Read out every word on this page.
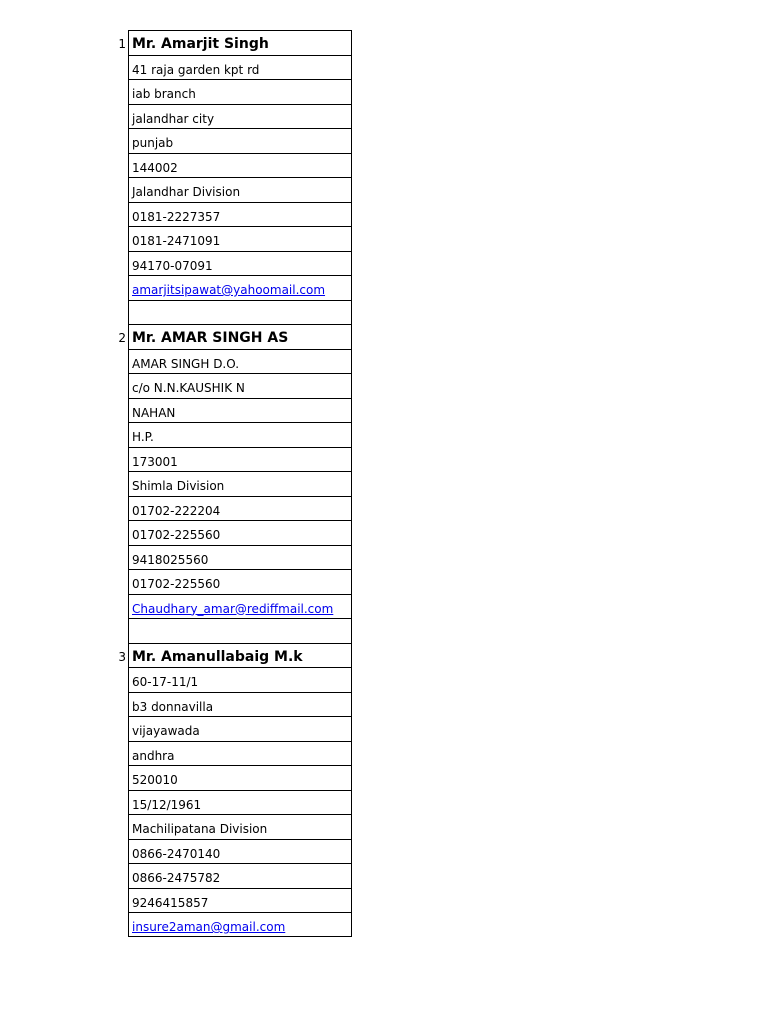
1 Mr. Amarjit Singh
41 raja garden kpt rd
iab branch
jalandhar city
punjab
144002
Jalandhar Division
0181-2227357
0181-2471091
94170-07091
amarjitsipawat@yahoomail.com
2 Mr. AMAR SINGH AS
AMAR SINGH D.O.
c/o N.N.KAUSHIK N
NAHAN
H.P.
173001
Shimla Division
01702-222204
01702-225560
9418025560
01702-225560
Chaudhary_amar@rediffmail.com
3 Mr. Amanullabaig M.k
60-17-11/1
b3 donnavilla
vijayawada
andhra
520010
15/12/1961
Machilipatana Division
0866-2470140
0866-2475782
9246415857
insure2aman@gmail.com
